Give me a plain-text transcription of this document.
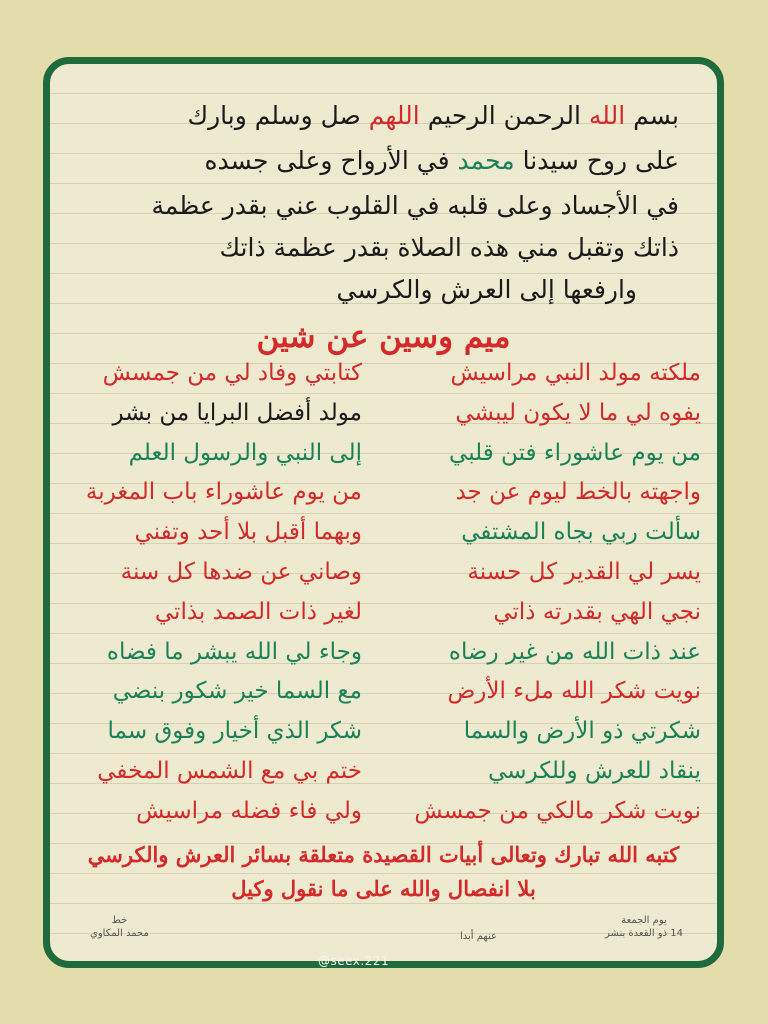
بسم الله الرحمن الرحيم اللهم صل وسلم وبارك
على روح سيدنا محمد في الأرواح وعلى جسده
في الأجساد وعلى قلبه في القلوب عني بقدر عظمة
ذاتك وتقبل مني هذه الصلاة بقدر عظمة ذاتك
وارفعها إلى العرش والكرسي
ميم وسين عن شين
ملكته مولد النبي مراسيش
يفوه لي ما لا يكون ليبشي
من يوم عاشوراء فتن قلبي
واجهته بالخط ليوم عن جد
سألت ربي بجاه المشتفي
يسر لي القدير كل حسنة
نجي الهي بقدرته ذاتي
عند ذات الله من غير رضاه
نويت شكر الله ملء الأرض
شكرتي ذو الأرض والسما
ينقاد للعرش وللكرسي
نويت شكر مالكي من جمسش
كتابتي وفاد لي من جمسش
مولد أفضل البرايا من بشر
إلى النبي والرسول العلم
من يوم عاشوراء باب المغربة
وبهما أقبل بلا أحد وتفني
وصاني عن ضدها كل سنة
لغير ذات الصمد بذاتي
وجاء لي الله يبشر ما فضاه
مع السما خير شكور بنضي
شكر الذي أخيار وفوق سما
ختم بي مع الشمس المخفي
ولي فاء فضله مراسيش
كتبه الله تبارك وتعالى أبيات القصيدة متعلقة بسائر العرش والكرسي
بلا انفصال والله على ما نقول وكيل
خط
محمد المكاوي	عنهم أبدا
يوم الجمعة
14 ذو القعدة بنشر
@seex.221
